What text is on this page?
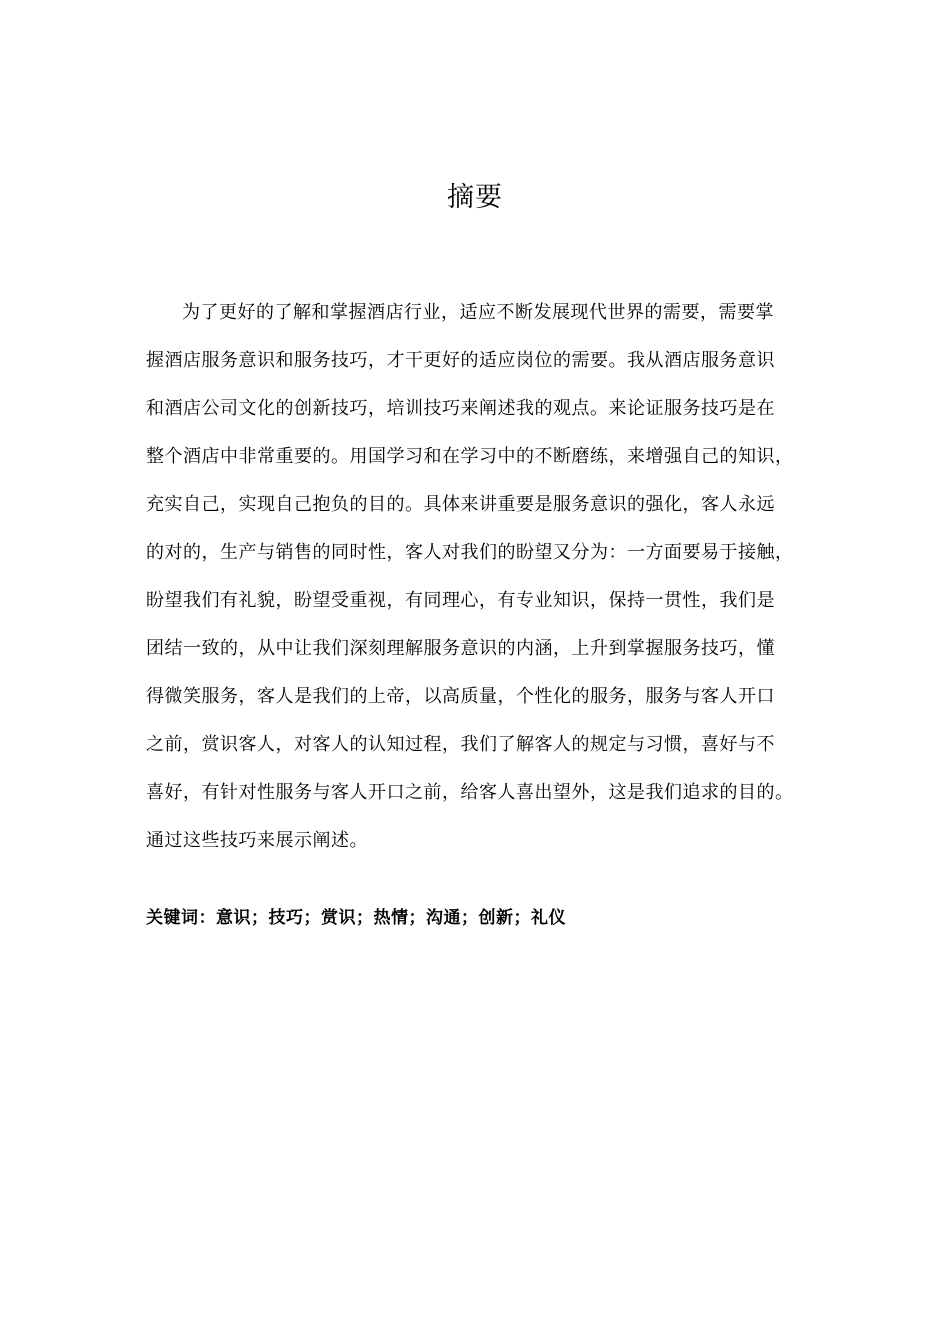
摘要
为了更好的了解和掌握酒店行业，适应不断发展现代世界的需要，需要掌
握酒店服务意识和服务技巧，才干更好的适应岗位的需要。我从酒店服务意识
和酒店公司文化的创新技巧，培训技巧来阐述我的观点。来论证服务技巧是在
整个酒店中非常重要的。用国学习和在学习中的不断磨练，来增强自己的知识，
充实自己，实现自己抱负的目的。具体来讲重要是服务意识的强化，客人永远
的对的，生产与销售的同时性，客人对我们的盼望又分为：一方面要易于接触，
盼望我们有礼貌，盼望受重视，有同理心，有专业知识，保持一贯性，我们是
团结一致的，从中让我们深刻理解服务意识的内涵，上升到掌握服务技巧，懂
得微笑服务，客人是我们的上帝，以高质量，个性化的服务，服务与客人开口
之前，赏识客人，对客人的认知过程，我们了解客人的规定与习惯，喜好与不
喜好，有针对性服务与客人开口之前，给客人喜出望外，这是我们追求的目的。
通过这些技巧来展示阐述。
关键词：意识；技巧；赏识；热情；沟通；创新；礼仪
